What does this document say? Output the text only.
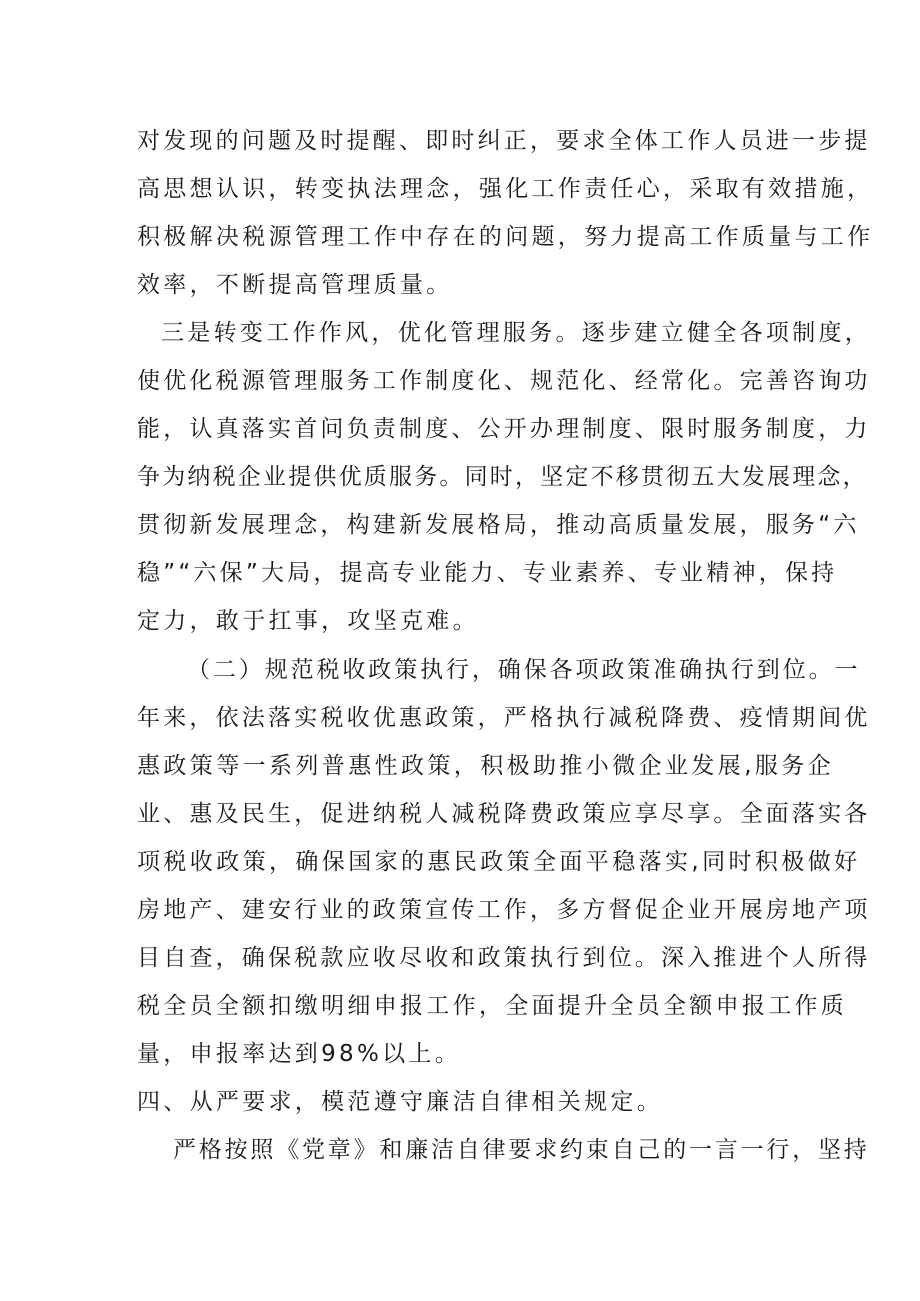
对发现的问题及时提醒、即时纠正，要求全体工作人员进一步提
高思想认识，转变执法理念，强化工作责任心，采取有效措施，
积极解决税源管理工作中存在的问题，努力提高工作质量与工作
效率，不断提高管理质量。
三是转变工作作风，优化管理服务。逐步建立健全各项制度，
使优化税源管理服务工作制度化、规范化、经常化。完善咨询功
能，认真落实首问负责制度、公开办理制度、限时服务制度，力
争为纳税企业提供优质服务。同时，坚定不移贯彻五大发展理念，
贯彻新发展理念，构建新发展格局，推动高质量发展，服务“六
稳”“六保”大局，提高专业能力、专业素养、专业精神，保持
定力，敢于扛事，攻坚克难。
（二）规范税收政策执行，确保各项政策准确执行到位。一
年来，依法落实税收优惠政策，严格执行减税降费、疫情期间优
惠政策等一系列普惠性政策，积极助推小微企业发展,服务企
业、惠及民生，促进纳税人减税降费政策应享尽享。全面落实各
项税收政策，确保国家的惠民政策全面平稳落实,同时积极做好
房地产、建安行业的政策宣传工作，多方督促企业开展房地产项
目自查，确保税款应收尽收和政策执行到位。深入推进个人所得
税全员全额扣缴明细申报工作，全面提升全员全额申报工作质
量，申报率达到98%以上。
四、从严要求，模范遵守廉洁自律相关规定。
严格按照《党章》和廉洁自律要求约束自己的一言一行，坚持
